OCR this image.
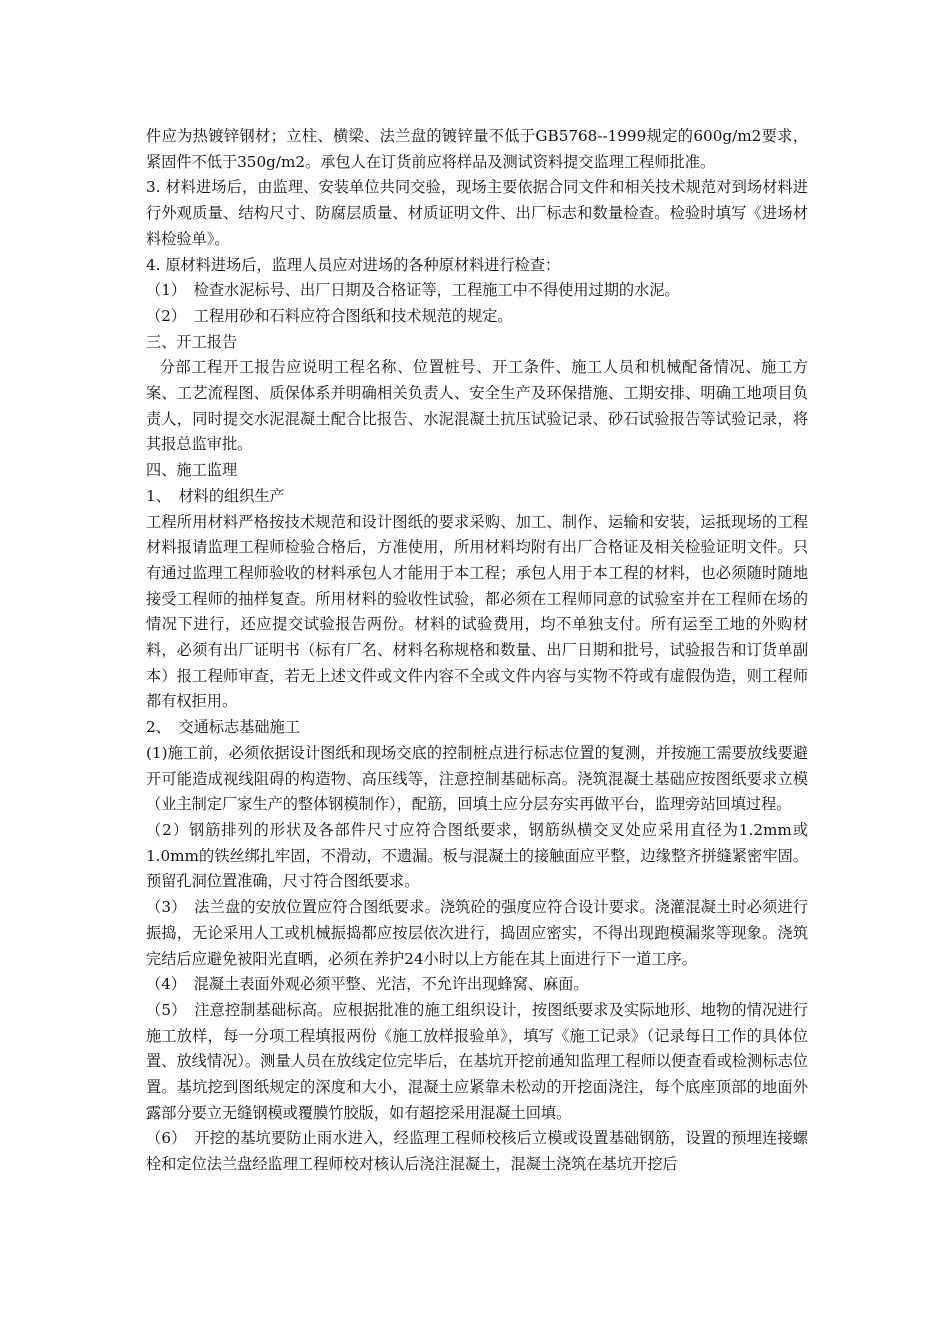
件应为热镀锌钢材；立柱、横梁、法兰盘的镀锌量不低于GB5768--1999规定的600g/m2要求，紧固件不低于350g/m2。承包人在订货前应将样品及测试资料提交监理工程师批准。

3. 材料进场后，由监理、安装单位共同交验，现场主要依据合同文件和相关技术规范对到场材料进行外观质量、结构尺寸、防腐层质量、材质证明文件、出厂标志和数量检查。检验时填写《进场材料检验单》。

4. 原材料进场后，监理人员应对进场的各种原材料进行检查：

（1）　检查水泥标号、出厂日期及合格证等，工程施工中不得使用过期的水泥。

（2）　工程用砂和石料应符合图纸和技术规范的规定。

三、开工报告

分部工程开工报告应说明工程名称、位置桩号、开工条件、施工人员和机械配备情况、施工方案、工艺流程图、质保体系并明确相关负责人、安全生产及环保措施、工期安排、明确工地项目负责人，同时提交水泥混凝土配合比报告、水泥混凝土抗压试验记录、砂石试验报告等试验记录，将其报总监审批。

四、施工监理

1、　材料的组织生产

工程所用材料严格按技术规范和设计图纸的要求采购、加工、制作、运输和安装，运抵现场的工程材料报请监理工程师检验合格后，方准使用，所用材料均附有出厂合格证及相关检验证明文件。只有通过监理工程师验收的材料承包人才能用于本工程；承包人用于本工程的材料，也必须随时随地接受工程师的抽样复查。所用材料的验收性试验，都必须在工程师同意的试验室并在工程师在场的情况下进行，还应提交试验报告两份。材料的试验费用，均不单独支付。所有运至工地的外购材料，必须有出厂证明书（标有厂名、材料名称规格和数量、出厂日期和批号，试验报告和订货单副本）报工程师审查，若无上述文件或文件内容不全或文件内容与实物不符或有虚假伪造，则工程师都有权拒用。

2、　交通标志基础施工

(1)施工前，必须依据设计图纸和现场交底的控制桩点进行标志位置的复测，并按施工需要放线要避开可能造成视线阻碍的构造物、高压线等，注意控制基础标高。浇筑混凝土基础应按图纸要求立模（业主制定厂家生产的整体钢模制作），配筋，回填土应分层夯实再做平台，监理旁站回填过程。

（2）钢筋排列的形状及各部件尺寸应符合图纸要求，钢筋纵横交叉处应采用直径为1.2mm或1.0mm的铁丝绑扎牢固，不滑动，不遗漏。板与混凝土的接触面应平整，边缘整齐拼缝紧密牢固。预留孔洞位置准确，尺寸符合图纸要求。

（3）　法兰盘的安放位置应符合图纸要求。浇筑砼的强度应符合设计要求。浇灌混凝土时必须进行振捣，无论采用人工或机械振捣都应按层依次进行，捣固应密实，不得出现跑模漏浆等现象。浇筑完结后应避免被阳光直晒，必须在养护24小时以上方能在其上面进行下一道工序。

（4）　混凝土表面外观必须平整、光洁，不允许出现蜂窝、麻面。

（5）　注意控制基础标高。应根据批准的施工组织设计，按图纸要求及实际地形、地物的情况进行施工放样，每一分项工程填报两份《施工放样报验单》，填写《施工记录》（记录每日工作的具体位置、放线情况）。测量人员在放线定位完毕后，在基坑开挖前通知监理工程师以便查看或检测标志位置。基坑挖到图纸规定的深度和大小，混凝土应紧靠未松动的开挖面浇注，每个底座顶部的地面外露部分要立无缝钢模或覆膜竹胶版，如有超挖采用混凝土回填。

（6）　开挖的基坑要防止雨水进入，经监理工程师校核后立模或设置基础钢筋，设置的预埋连接螺栓和定位法兰盘经监理工程师校对核认后浇注混凝土，混凝土浇筑在基坑开挖后
